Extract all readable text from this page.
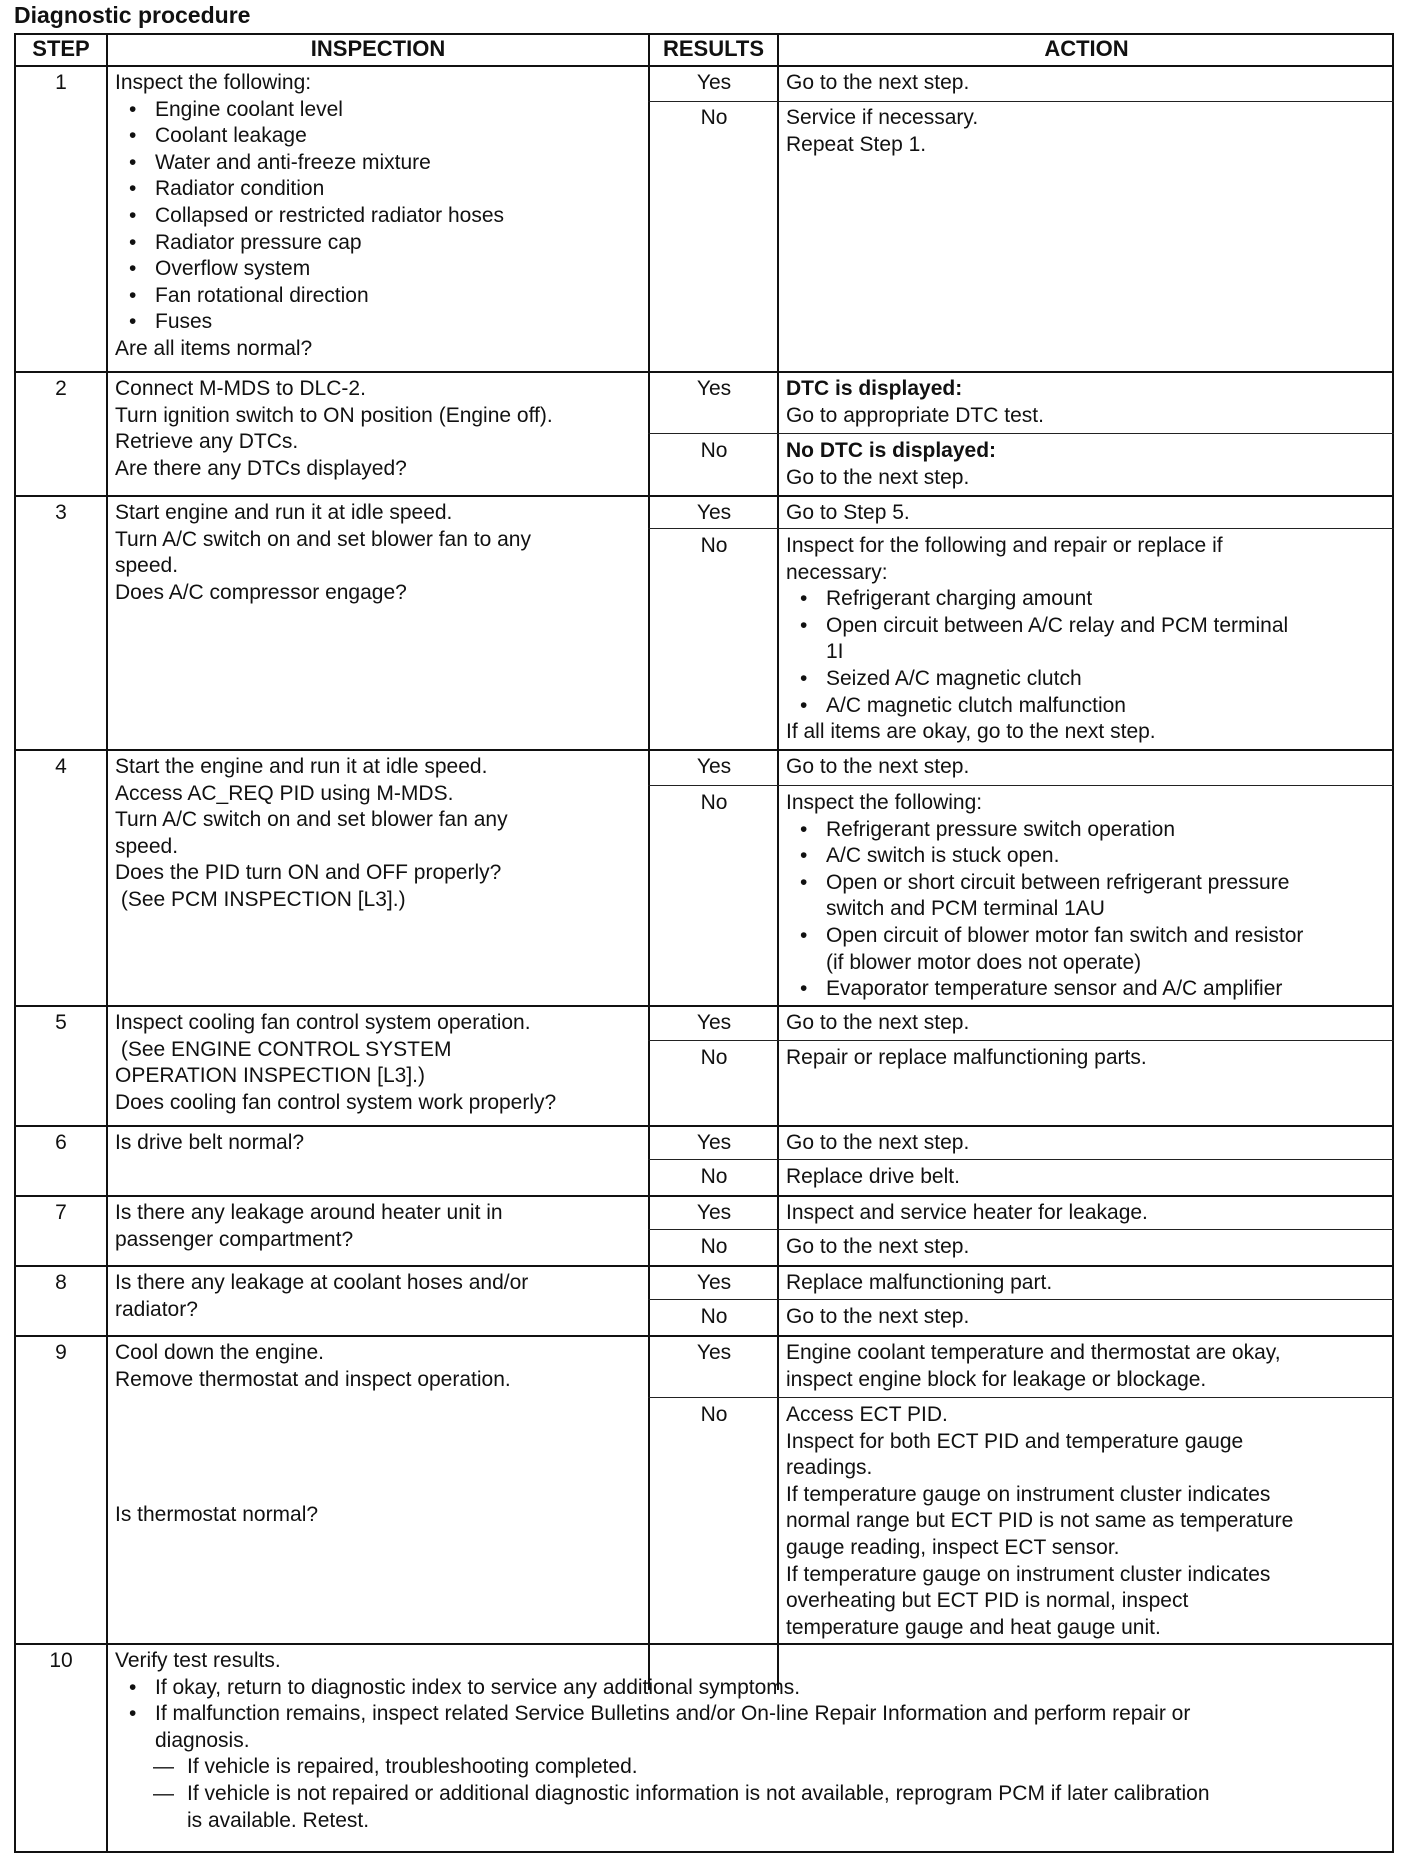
Diagnostic procedure
STEP	INSPECTION	RESULTS	ACTION
1	Inspect the following:
• Engine coolant level
• Coolant leakage
• Water and anti-freeze mixture
• Radiator condition
• Collapsed or restricted radiator hoses
• Radiator pressure cap
• Overflow system
• Fan rotational direction
• Fuses
Are all items normal?
Yes	Go to the next step.
No	Service if necessary.
Repeat Step 1.
2	Connect M-MDS to DLC-2.
Turn ignition switch to ON position (Engine off).
Retrieve any DTCs.
Are there any DTCs displayed?
Yes	DTC is displayed:
Go to appropriate DTC test.
No	No DTC is displayed:
Go to the next step.
3	Start engine and run it at idle speed.
Turn A/C switch on and set blower fan to any
speed.
Does A/C compressor engage?
Yes	Go to Step 5.
No	Inspect for the following and repair or replace if
necessary:
• Refrigerant charging amount
• Open circuit between A/C relay and PCM terminal
1I
• Seized A/C magnetic clutch
• A/C magnetic clutch malfunction
If all items are okay, go to the next step.
4	Start the engine and run it at idle speed.
Access AC_REQ PID using M-MDS.
Turn A/C switch on and set blower fan any
speed.
Does the PID turn ON and OFF properly?
(See PCM INSPECTION [L3].)
Yes	Go to the next step.
No	Inspect the following:
• Refrigerant pressure switch operation
• A/C switch is stuck open.
• Open or short circuit between refrigerant pressure
switch and PCM terminal 1AU
• Open circuit of blower motor fan switch and resistor
(if blower motor does not operate)
• Evaporator temperature sensor and A/C amplifier
5	Inspect cooling fan control system operation.
(See ENGINE CONTROL SYSTEM
OPERATION INSPECTION [L3].)
Does cooling fan control system work properly?
Yes	Go to the next step.
No	Repair or replace malfunctioning parts.
6	Is drive belt normal?	Yes	Go to the next step.
No	Replace drive belt.
7	Is there any leakage around heater unit in
passenger compartment?
Yes	Inspect and service heater for leakage.
No	Go to the next step.
8	Is there any leakage at coolant hoses and/or
radiator?
Yes	Replace malfunctioning part.
No	Go to the next step.
9	Cool down the engine.
Remove thermostat and inspect operation.
Is thermostat normal?
Yes	Engine coolant temperature and thermostat are okay,
inspect engine block for leakage or blockage.
No	Access ECT PID.
Inspect for both ECT PID and temperature gauge
readings.
If temperature gauge on instrument cluster indicates
normal range but ECT PID is not same as temperature
gauge reading, inspect ECT sensor.
If temperature gauge on instrument cluster indicates
overheating but ECT PID is normal, inspect
temperature gauge and heat gauge unit.
10	Verify test results.
• If okay, return to diagnostic index to service any additional symptoms.
• If malfunction remains, inspect related Service Bulletins and/or On-line Repair Information and perform repair or
diagnosis.
— If vehicle is repaired, troubleshooting completed.
— If vehicle is not repaired or additional diagnostic information is not available, reprogram PCM if later calibration
is available. Retest.
